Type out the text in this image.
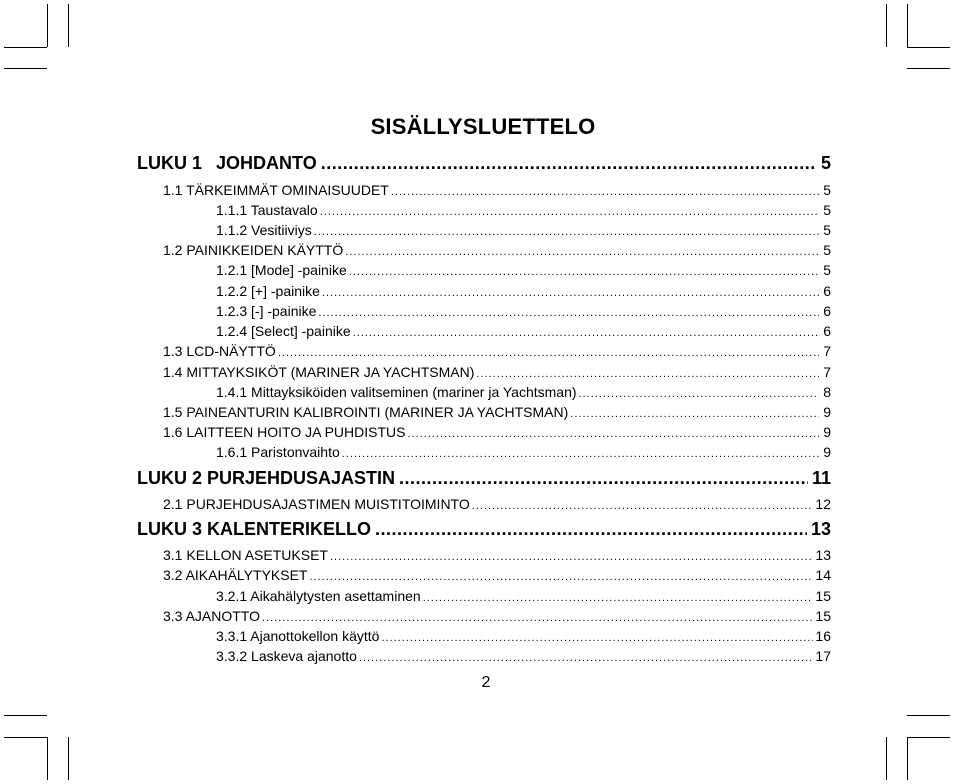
SISÄLLYSLUETTELO
LUKU 1 JOHDANTO .....	5
1.1 TÄRKEIMMÄT OMINAISUUDET .....	5
1.1.1 Taustavalo .....	5
1.1.2 Vesitiiviys .....	5
1.2 PAINIKKEIDEN KÄYTTÖ .....	5
1.2.1 [Mode] -painike .....	5
1.2.2 [+] -painike .....	6
1.2.3 [-] -painike .....	6
1.2.4 [Select] -painike .....	6
1.3 LCD-NÄYTTÖ .....	7
1.4 MITTAYKSIKÖT (MARINER JA YACHTSMAN) .....	7
1.4.1 Mittayksiköiden valitseminen (mariner ja Yachtsman) .....	8
1.5 PAINEANTURIN KALIBROINTI (MARINER JA YACHTSMAN) .....	9
1.6 LAITTEEN HOITO JA PUHDISTUS .....	9
1.6.1 Paristonvaihto .....	9
LUKU 2 PURJEHDUSAJASTIN .....	11
2.1 PURJEHDUSAJASTIMEN MUISTITOIMINTO .....	12
LUKU 3 KALENTERIKELLO .....	13
3.1 KELLON ASETUKSET .....	13
3.2 AIKAHÄLYTYKSET .....	14
3.2.1 Aikahälytysten asettaminen .....	15
3.3 AJANOTTO .....	15
3.3.1 Ajanottokellon käyttö .....	16
3.3.2 Laskeva ajanotto .....	17
2
